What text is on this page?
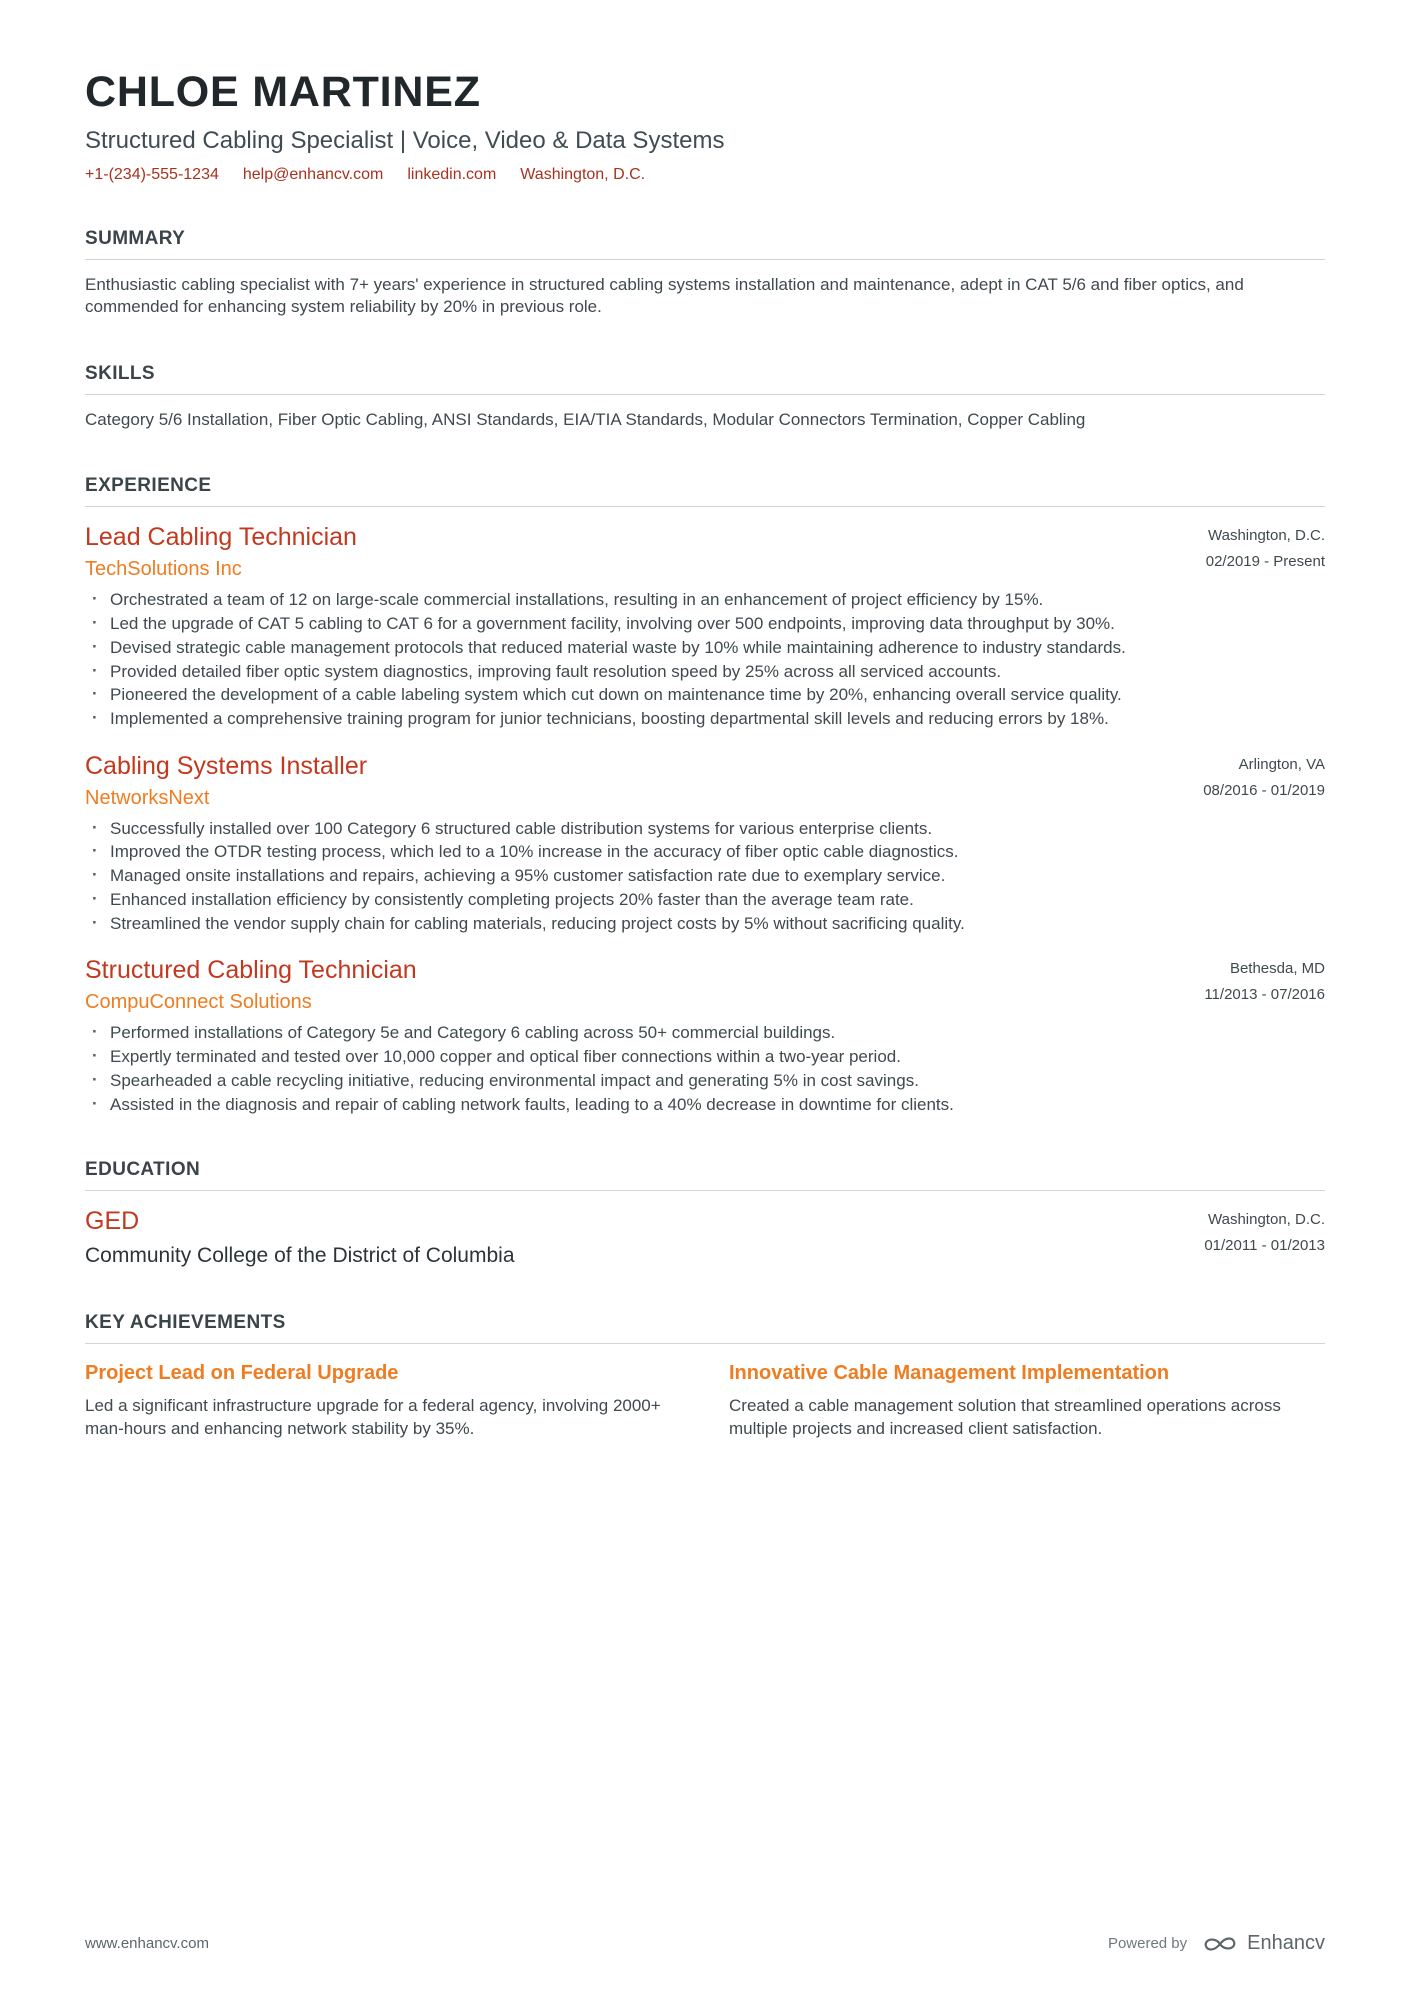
CHLOE MARTINEZ
Structured Cabling Specialist | Voice, Video & Data Systems
+1-(234)-555-1234 help@enhancv.com linkedin.com Washington, D.C.
SUMMARY
Enthusiastic cabling specialist with 7+ years' experience in structured cabling systems installation and maintenance, adept in CAT 5/6 and fiber optics, and commended for enhancing system reliability by 20% in previous role.
SKILLS
Category 5/6 Installation, Fiber Optic Cabling, ANSI Standards, EIA/TIA Standards, Modular Connectors Termination, Copper Cabling
EXPERIENCE
Lead Cabling Technician
TechSolutions Inc
Washington, D.C.
02/2019 - Present
· Orchestrated a team of 12 on large-scale commercial installations, resulting in an enhancement of project efficiency by 15%.
· Led the upgrade of CAT 5 cabling to CAT 6 for a government facility, involving over 500 endpoints, improving data throughput by 30%.
· Devised strategic cable management protocols that reduced material waste by 10% while maintaining adherence to industry standards.
· Provided detailed fiber optic system diagnostics, improving fault resolution speed by 25% across all serviced accounts.
· Pioneered the development of a cable labeling system which cut down on maintenance time by 20%, enhancing overall service quality.
· Implemented a comprehensive training program for junior technicians, boosting departmental skill levels and reducing errors by 18%.
Cabling Systems Installer
NetworksNext
Arlington, VA
08/2016 - 01/2019
· Successfully installed over 100 Category 6 structured cable distribution systems for various enterprise clients.
· Improved the OTDR testing process, which led to a 10% increase in the accuracy of fiber optic cable diagnostics.
· Managed onsite installations and repairs, achieving a 95% customer satisfaction rate due to exemplary service.
· Enhanced installation efficiency by consistently completing projects 20% faster than the average team rate.
· Streamlined the vendor supply chain for cabling materials, reducing project costs by 5% without sacrificing quality.
Structured Cabling Technician
CompuConnect Solutions
Bethesda, MD
11/2013 - 07/2016
· Performed installations of Category 5e and Category 6 cabling across 50+ commercial buildings.
· Expertly terminated and tested over 10,000 copper and optical fiber connections within a two-year period.
· Spearheaded a cable recycling initiative, reducing environmental impact and generating 5% in cost savings.
· Assisted in the diagnosis and repair of cabling network faults, leading to a 40% decrease in downtime for clients.
EDUCATION
GED
Community College of the District of Columbia
Washington, D.C.
01/2011 - 01/2013
KEY ACHIEVEMENTS
Project Lead on Federal Upgrade
Led a significant infrastructure upgrade for a federal agency, involving 2000+ man-hours and enhancing network stability by 35%.
Innovative Cable Management Implementation
Created a cable management solution that streamlined operations across multiple projects and increased client satisfaction.
www.enhancv.com	Powered by	Enhancv
